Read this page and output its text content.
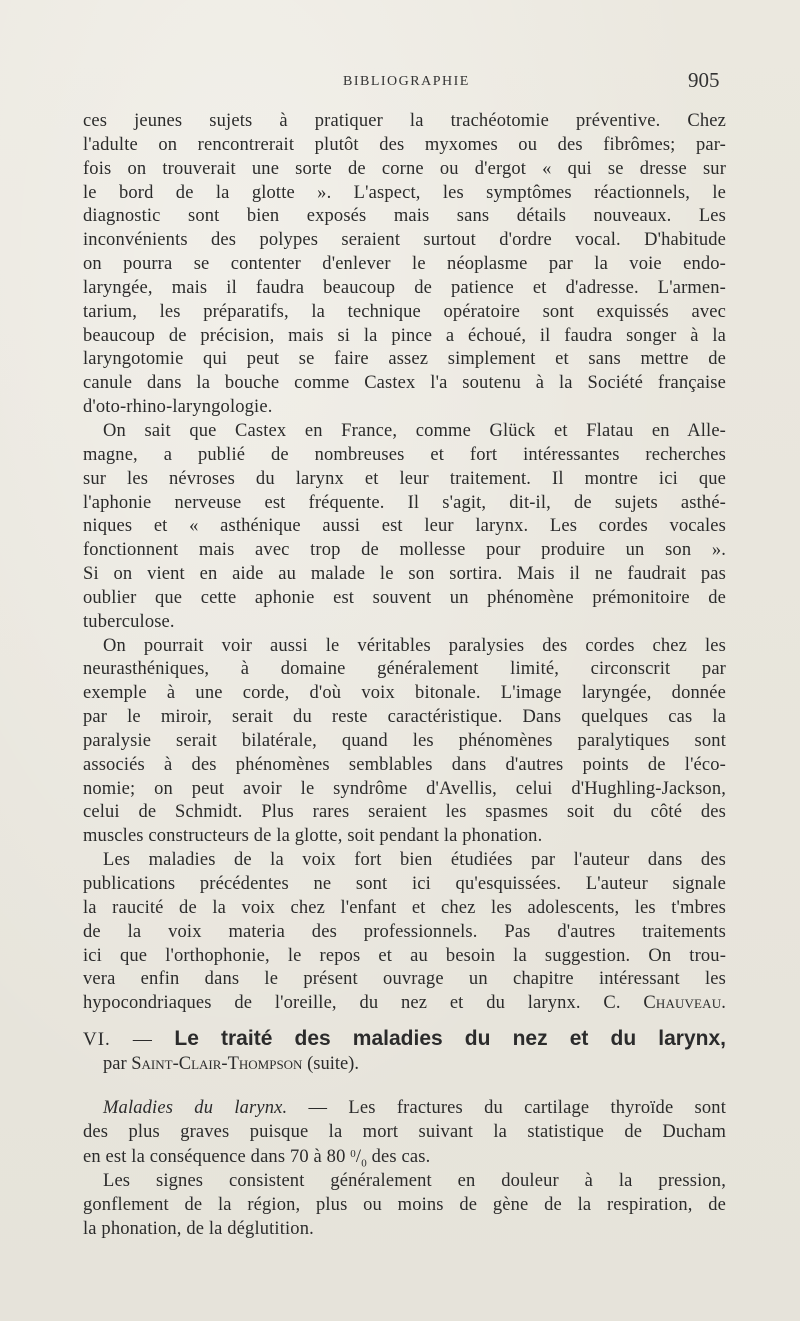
BIBLIOGRAPHIE	905
ces jeunes sujets à pratiquer la trachéotomie préventive. Chez
l'adulte on rencontrerait plutôt des myxomes ou des fibrômes; par-
fois on trouverait une sorte de corne ou d'ergot « qui se dresse sur
le bord de la glotte ». L'aspect, les symptômes réactionnels, le
diagnostic sont bien exposés mais sans détails nouveaux. Les
inconvénients des polypes seraient surtout d'ordre vocal. D'habitude
on pourra se contenter d'enlever le néoplasme par la voie endo-
laryngée, mais il faudra beaucoup de patience et d'adresse. L'armen-
tarium, les préparatifs, la technique opératoire sont exquissés avec
beaucoup de précision, mais si la pince a échoué, il faudra songer à la
laryngotomie qui peut se faire assez simplement et sans mettre de
canule dans la bouche comme Castex l'a soutenu à la Société française
d'oto-rhino-laryngologie.
On sait que Castex en France, comme Glück et Flatau en Alle-
magne, a publié de nombreuses et fort intéressantes recherches
sur les névroses du larynx et leur traitement. Il montre ici que
l'aphonie nerveuse est fréquente. Il s'agit, dit-il, de sujets asthé-
niques et « asthénique aussi est leur larynx. Les cordes vocales
fonctionnent mais avec trop de mollesse pour produire un son ».
Si on vient en aide au malade le son sortira. Mais il ne faudrait pas
oublier que cette aphonie est souvent un phénomène prémonitoire de
tuberculose.
On pourrait voir aussi le véritables paralysies des cordes chez les
neurasthéniques, à domaine généralement limité, circonscrit par
exemple à une corde, d'où voix bitonale. L'image laryngée, donnée
par le miroir, serait du reste caractéristique. Dans quelques cas la
paralysie serait bilatérale, quand les phénomènes paralytiques sont
associés à des phénomènes semblables dans d'autres points de l'éco-
nomie; on peut avoir le syndrôme d'Avellis, celui d'Hughling-Jackson,
celui de Schmidt. Plus rares seraient les spasmes soit du côté des
muscles constructeurs de la glotte, soit pendant la phonation.
Les maladies de la voix fort bien étudiées par l'auteur dans des
publications précédentes ne sont ici qu'esquissées. L'auteur signale
la raucité de la voix chez l'enfant et chez les adolescents, les t'mbres
de la voix materia des professionnels. Pas d'autres traitements
ici que l'orthophonie, le repos et au besoin la suggestion. On trou-
vera enfin dans le présent ouvrage un chapitre intéressant les
hypocondriaques de l'oreille, du nez et du larynx. C. Chauveau.
VI. — Le traité des maladies du nez et du larynx,
par Saint-Clair-Thompson (suite).
Maladies du larynx. — Les fractures du cartilage thyroïde sont
des plus graves puisque la mort suivant la statistique de Ducham
en est la conséquence dans 70 à 80 $^0/_0$ des cas.
Les signes consistent généralement en douleur à la pression,
gonflement de la région, plus ou moins de gène de la respiration, de
la phonation, de la déglutition.
